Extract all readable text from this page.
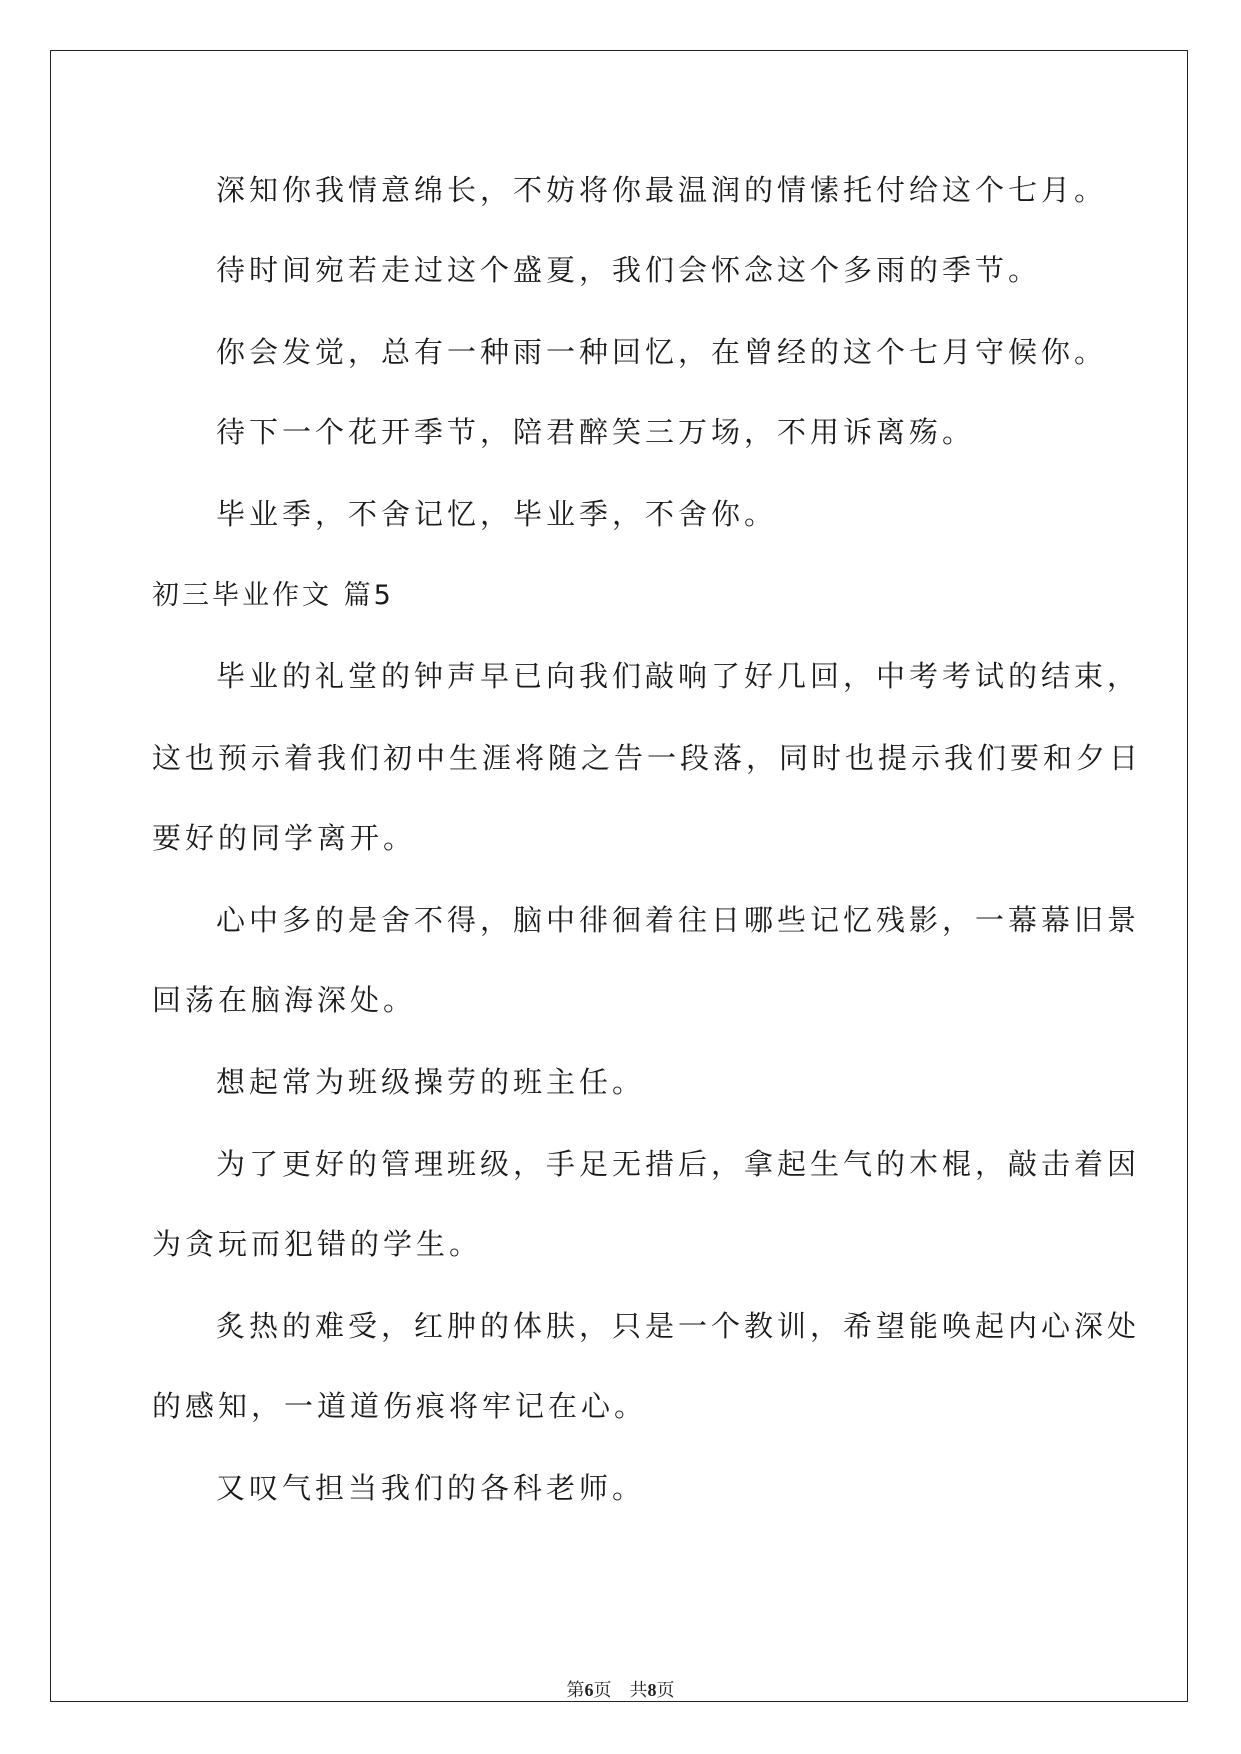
深知你我情意绵长，不妨将你最温润的情愫托付给这个七月。
待时间宛若走过这个盛夏，我们会怀念这个多雨的季节。
你会发觉，总有一种雨一种回忆，在曾经的这个七月守候你。
待下一个花开季节，陪君醉笑三万场，不用诉离殇。
毕业季，不舍记忆，毕业季，不舍你。
初三毕业作文 篇5
毕业的礼堂的钟声早已向我们敲响了好几回，中考考试的结束，
这也预示着我们初中生涯将随之告一段落，同时也提示我们要和夕日
要好的同学离开。
心中多的是舍不得，脑中徘徊着往日哪些记忆残影，一幕幕旧景
回荡在脑海深处。
想起常为班级操劳的班主任。
为了更好的管理班级，手足无措后，拿起生气的木棍，敲击着因
为贪玩而犯错的学生。
炙热的难受，红肿的体肤，只是一个教训，希望能唤起内心深处
的感知，一道道伤痕将牢记在心。
又叹气担当我们的各科老师。
第6页　共8页
